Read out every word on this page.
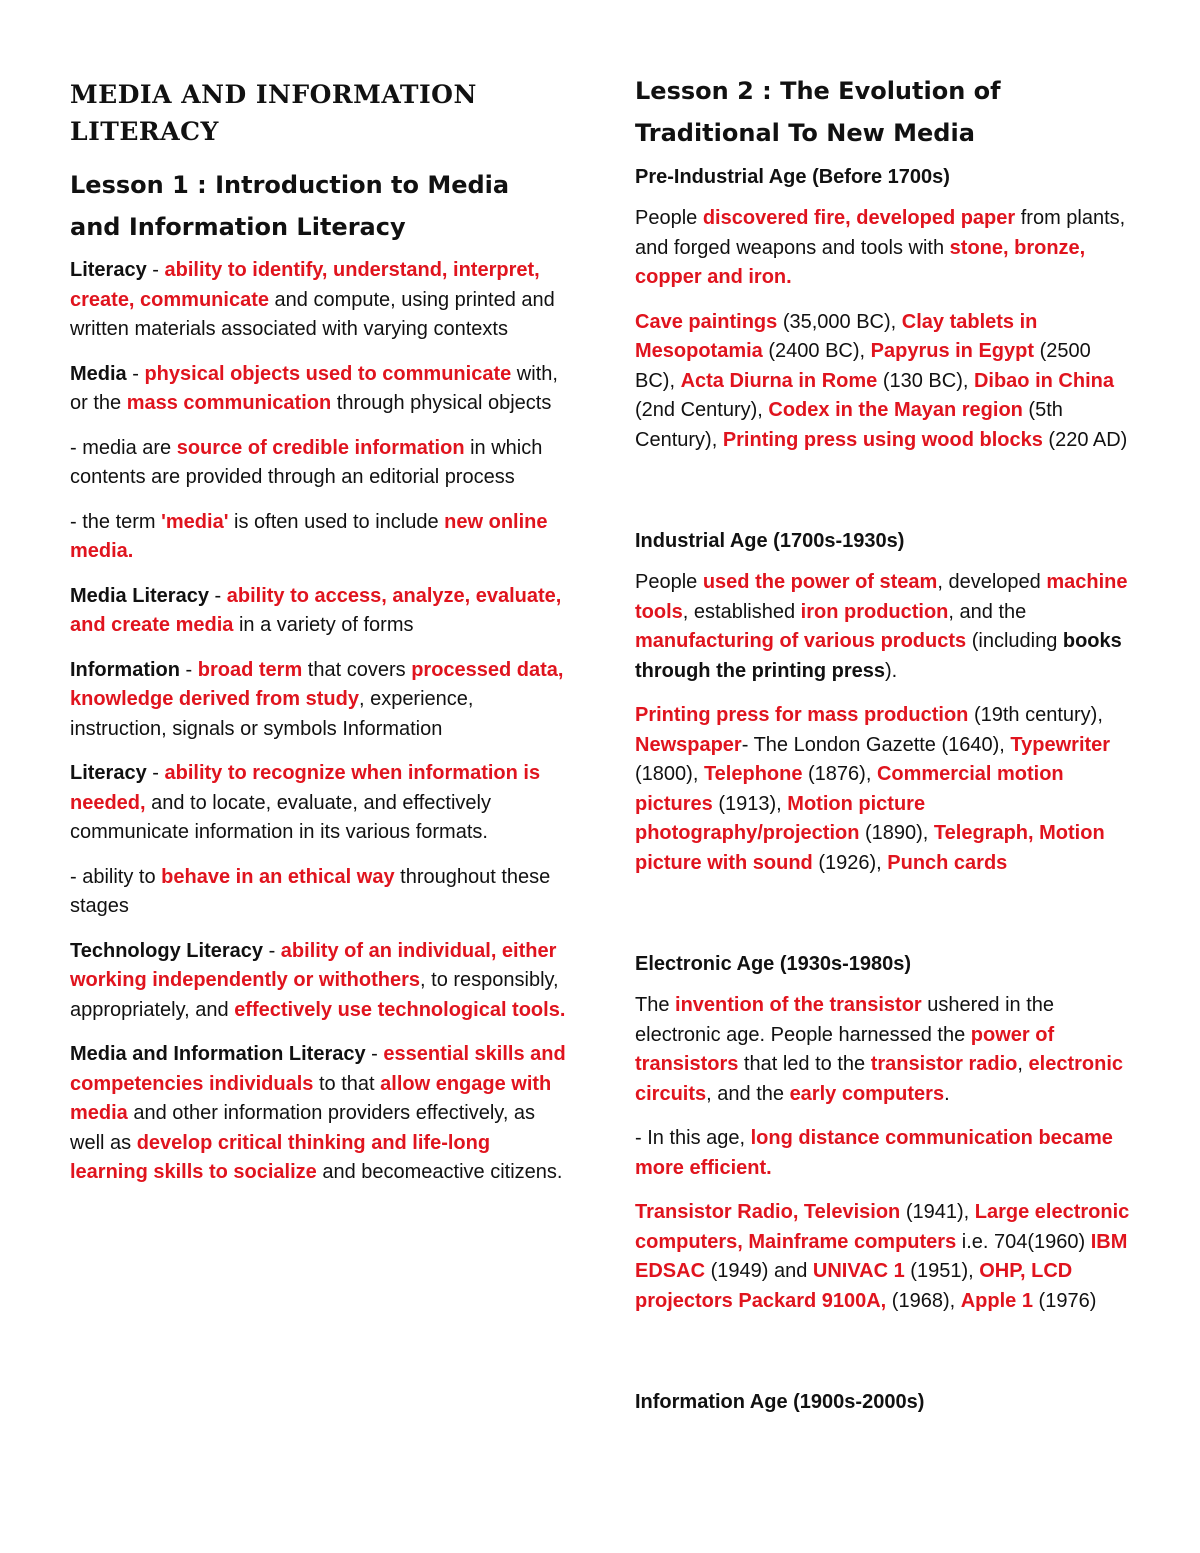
MEDIA AND INFORMATION LITERACY
Lesson 1 : Introduction to Media and Information Literacy

Literacy - ability to identify, understand, interpret, create, communicate and compute, using printed and written materials associated with varying contexts

Media - physical objects used to communicate with, or the mass communication through physical objects

- media are source of credible information in which contents are provided through an editorial process

- the term 'media' is often used to include new online media.

Media Literacy - ability to access, analyze, evaluate, and create media in a variety of forms

Information - broad term that covers processed data, knowledge derived from study, experience, instruction, signals or symbols Information

Literacy - ability to recognize when information is needed, and to locate, evaluate, and effectively communicate information in its various formats.

- ability to behave in an ethical way throughout these stages

Technology Literacy - ability of an individual, either working independently or withothers, to responsibly, appropriately, and effectively use technological tools.

Media and Information Literacy - essential skills and competencies individuals to that allow engage with media and other information providers effectively, as well as develop critical thinking and life-long learning skills to socialize and becomeactive citizens.

Lesson 2 : The Evolution of Traditional To New Media
Pre-Industrial Age (Before 1700s)

People discovered fire, developed paper from plants, and forged weapons and tools with stone, bronze, copper and iron.

Cave paintings (35,000 BC), Clay tablets in Mesopotamia (2400 BC), Papyrus in Egypt (2500 BC), Acta Diurna in Rome (130 BC), Dibao in China (2nd Century), Codex in the Mayan region (5th Century), Printing press using wood blocks (220 AD)

Industrial Age (1700s-1930s)

People used the power of steam, developed machine tools, established iron production, and the manufacturing of various products (including books through the printing press).

Printing press for mass production (19th century), Newspaper- The London Gazette (1640), Typewriter (1800), Telephone (1876), Commercial motion pictures (1913), Motion picture photography/projection (1890), Telegraph, Motion picture with sound (1926), Punch cards

Electronic Age (1930s-1980s)

The invention of the transistor ushered in the electronic age. People harnessed the power of transistors that led to the transistor radio, electronic circuits, and the early computers.

- In this age, long distance communication became more efficient.

Transistor Radio, Television (1941), Large electronic computers, Mainframe computers i.e. 704(1960) IBM EDSAC (1949) and UNIVAC 1 (1951), OHP, LCD projectors Packard 9100A, (1968), Apple 1 (1976)

Information Age (1900s-2000s)
